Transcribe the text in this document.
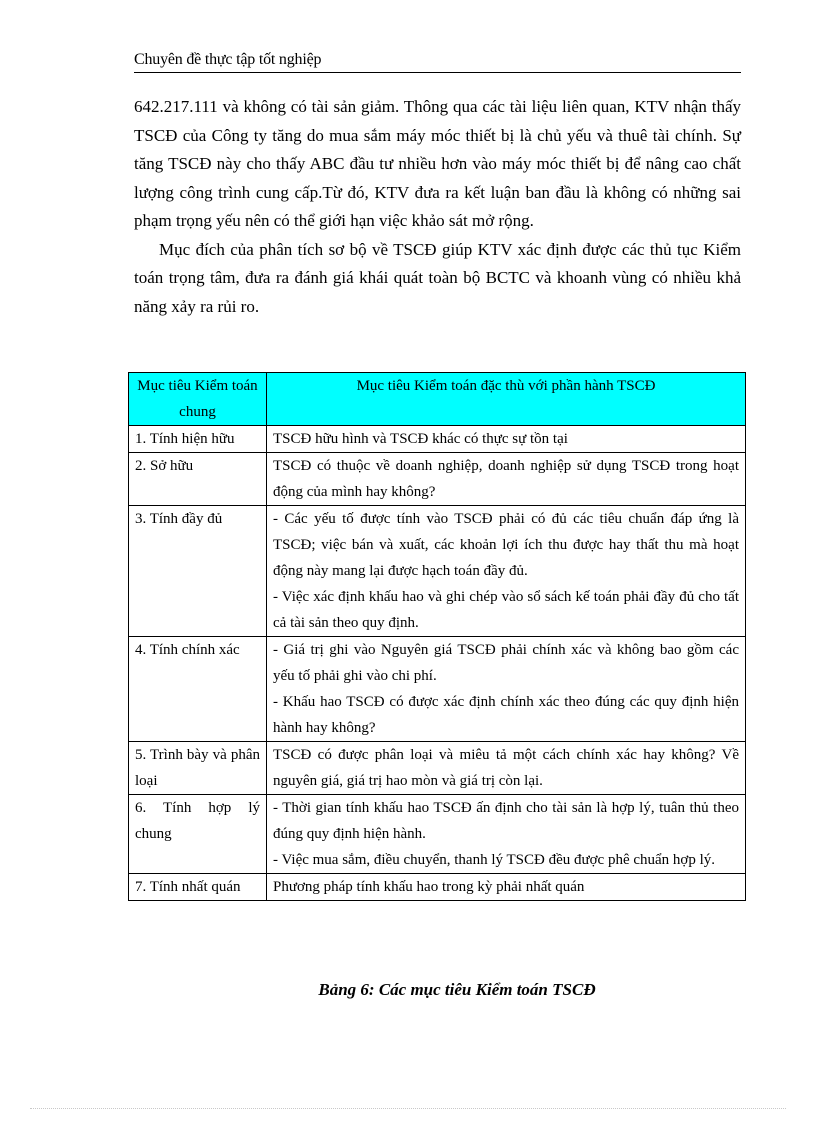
Chuyên đề thực tập tốt nghiệp

642.217.111 và không có tài sản giảm. Thông qua các tài liệu liên quan, KTV nhận thấy TSCĐ của Công ty tăng do mua sắm máy móc thiết bị là chủ yếu và thuê tài chính. Sự tăng TSCĐ này cho thấy ABC đầu tư nhiều hơn vào máy móc thiết bị để nâng cao chất lượng công trình cung cấp.Từ đó, KTV đưa ra kết luận ban đầu là không có những sai phạm trọng yếu nên có thể giới hạn việc khảo sát mở rộng.

Mục đích của phân tích sơ bộ về TSCĐ giúp KTV xác định được các thủ tục Kiểm toán trọng tâm, đưa ra đánh giá khái quát toàn bộ BCTC và khoanh vùng có nhiều khả năng xảy ra rủi ro.

Mục tiêu Kiểm toán chung	Mục tiêu Kiểm toán đặc thù với phần hành TSCĐ
1. Tính hiện hữu	TSCĐ hữu hình và TSCĐ khác có thực sự tồn tại

2. Sở hữu	TSCĐ có thuộc về doanh nghiệp, doanh nghiệp sử dụng TSCĐ trong hoạt động của mình hay không?

3. Tính đầy đủ	- Các yếu tố được tính vào TSCĐ phải có đủ các tiêu chuẩn đáp ứng là TSCĐ; việc bán và xuất, các khoản lợi ích thu được hay thất thu mà hoạt động này mang lại được hạch toán đầy đủ.
- Việc xác định khấu hao và ghi chép vào sổ sách kế toán phải đầy đủ cho tất cả tài sản theo quy định.

4. Tính chính xác	- Giá trị ghi vào Nguyên giá TSCĐ phải chính xác và không bao gồm các yếu tố phải ghi vào chi phí.
- Khấu hao TSCĐ có được xác định chính xác theo đúng các quy định hiện hành hay không?

5. Trình bày và phân loại	TSCĐ có được phân loại và miêu tả một cách chính xác hay không? Về nguyên giá, giá trị hao mòn và giá trị còn lại.

6. Tính hợp lý chung	- Thời gian tính khấu hao TSCĐ ấn định cho tài sản là hợp lý, tuân thủ theo đúng quy định hiện hành.
- Việc mua sắm, điều chuyển, thanh lý TSCĐ đều được phê chuẩn hợp lý.

7. Tính nhất quán	Phương pháp tính khấu hao trong kỳ phải nhất quán
Bảng 6: Các mục tiêu Kiểm toán TSCĐ
